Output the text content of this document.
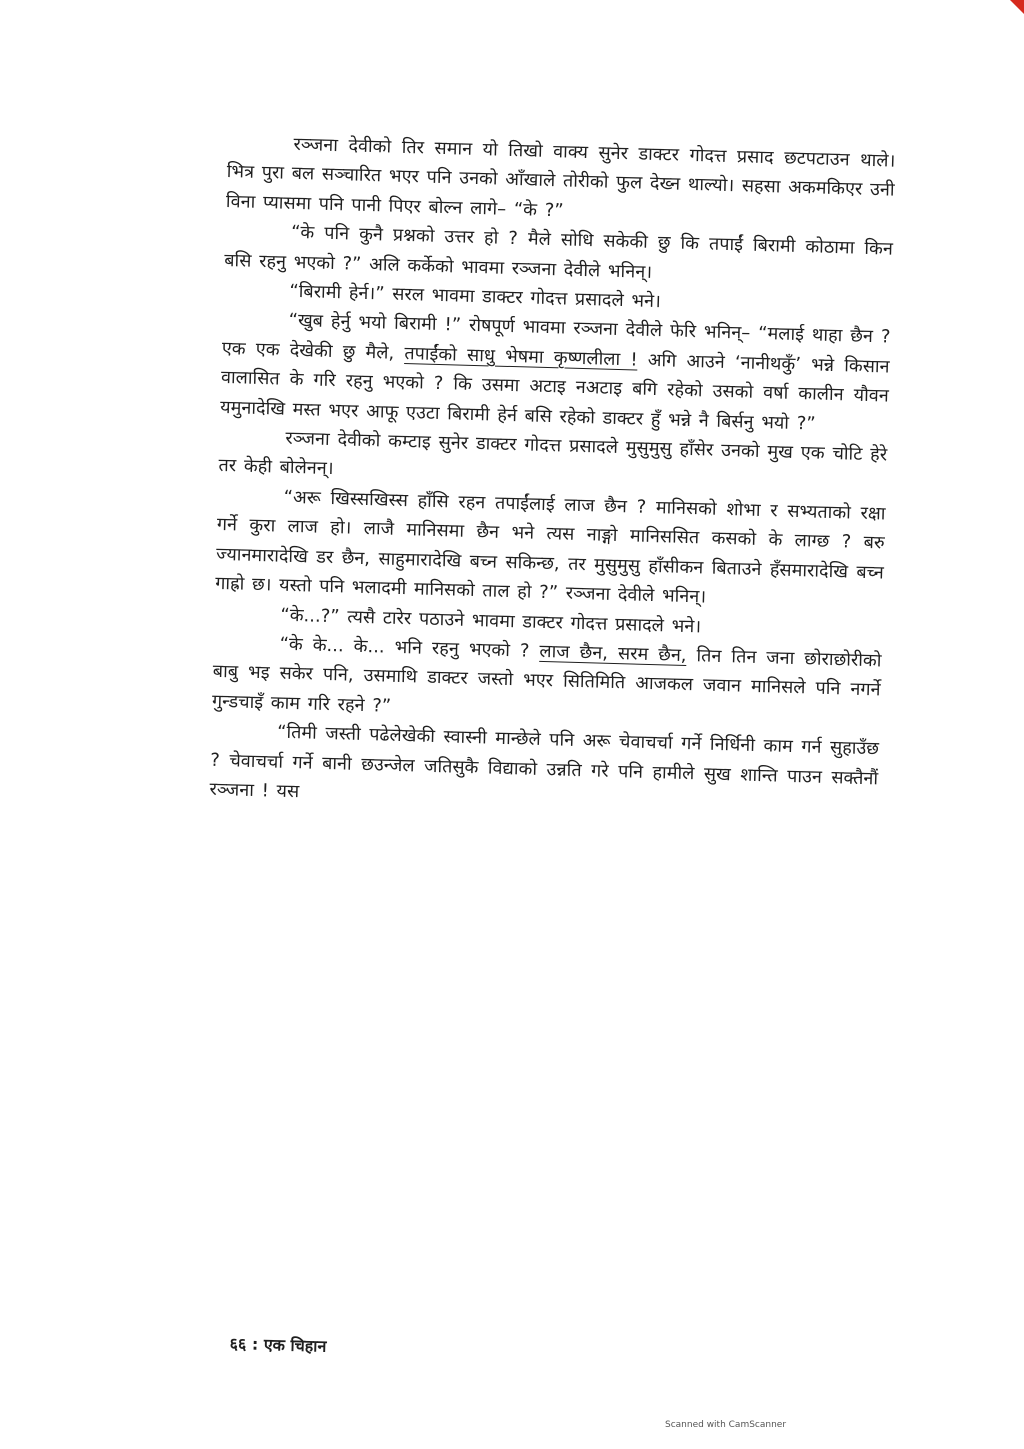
रञ्जना देवीको तिर समान यो तिखो वाक्य सुनेर डाक्टर गोदत्त प्रसाद छटपटाउन थाले। भित्र पुरा बल सञ्चारित भएर पनि उनको आँखाले तोरीको फुल देख्न थाल्यो। सहसा अकमकिएर उनी विना प्यासमा पनि पानी पिएर बोल्न लागे– “के ?”

“के पनि कुनै प्रश्नको उत्तर हो ? मैले सोधि सकेकी छु कि तपाईं बिरामी कोठामा किन बसि रहनु भएको ?” अलि कर्केको भावमा रञ्जना देवीले भनिन्।

“बिरामी हेर्न।” सरल भावमा डाक्टर गोदत्त प्रसादले भने।

“खुब हेर्नु भयो बिरामी !” रोषपूर्ण भावमा रञ्जना देवीले फेरि भनिन्– “मलाई थाहा छैन ? एक एक देखेकी छु मैले, तपाईंको साधु भेषमा कृष्णलीला ! अगि आउने ‘नानीथकुँ’ भन्ने किसान वालासित के गरि रहनु भएको ? कि उसमा अटाइ नअटाइ बगि रहेको उसको वर्षा कालीन यौवन यमुनादेखि मस्त भएर आफू एउटा बिरामी हेर्न बसि रहेको डाक्टर हुँ भन्ने नै बिर्सनु भयो ?”

रञ्जना देवीको कम्टाइ सुनेर डाक्टर गोदत्त प्रसादले मुसुमुसु हाँसेर उनको मुख एक चोटि हेरे तर केही बोलेनन्।

“अरू खिस्सखिस्स हाँसि रहन तपाईंलाई लाज छैन ? मानिसको शोभा र सभ्यताको रक्षा गर्ने कुरा लाज हो। लाजै मानिसमा छैन भने त्यस नाङ्गो मानिससित कसको के लाग्छ ? बरु ज्यानमारादेखि डर छैन, साहुमारादेखि बच्न सकिन्छ, तर मुसुमुसु हाँसीकन बिताउने हँसमारादेखि बच्न गाह्रो छ। यस्तो पनि भलादमी मानिसको ताल हो ?” रञ्जना देवीले भनिन्।

“के...?” त्यसै टारेर पठाउने भावमा डाक्टर गोदत्त प्रसादले भने।

“के के... के... भनि रहनु भएको ? लाज छैन, सरम छैन, तिन तिन जना छोराछोरीको बाबु भइ सकेर पनि, उसमाथि डाक्टर जस्तो भएर सितिमिति आजकल जवान मानिसले पनि नगर्ने गुन्डचाइँ काम गरि रहने ?”

“तिमी जस्ती पढेलेखेकी स्वास्नी मान्छेले पनि अरू चेवाचर्चा गर्ने निर्धिनी काम गर्न सुहाउँछ ? चेवाचर्चा गर्ने बानी छउन्जेल जतिसुकै विद्याको उन्नति गरे पनि हामीले सुख शान्ति पाउन सक्तैनौं रञ्जना ! यस

६६ : एक चिहान
Scanned with CamScanner
